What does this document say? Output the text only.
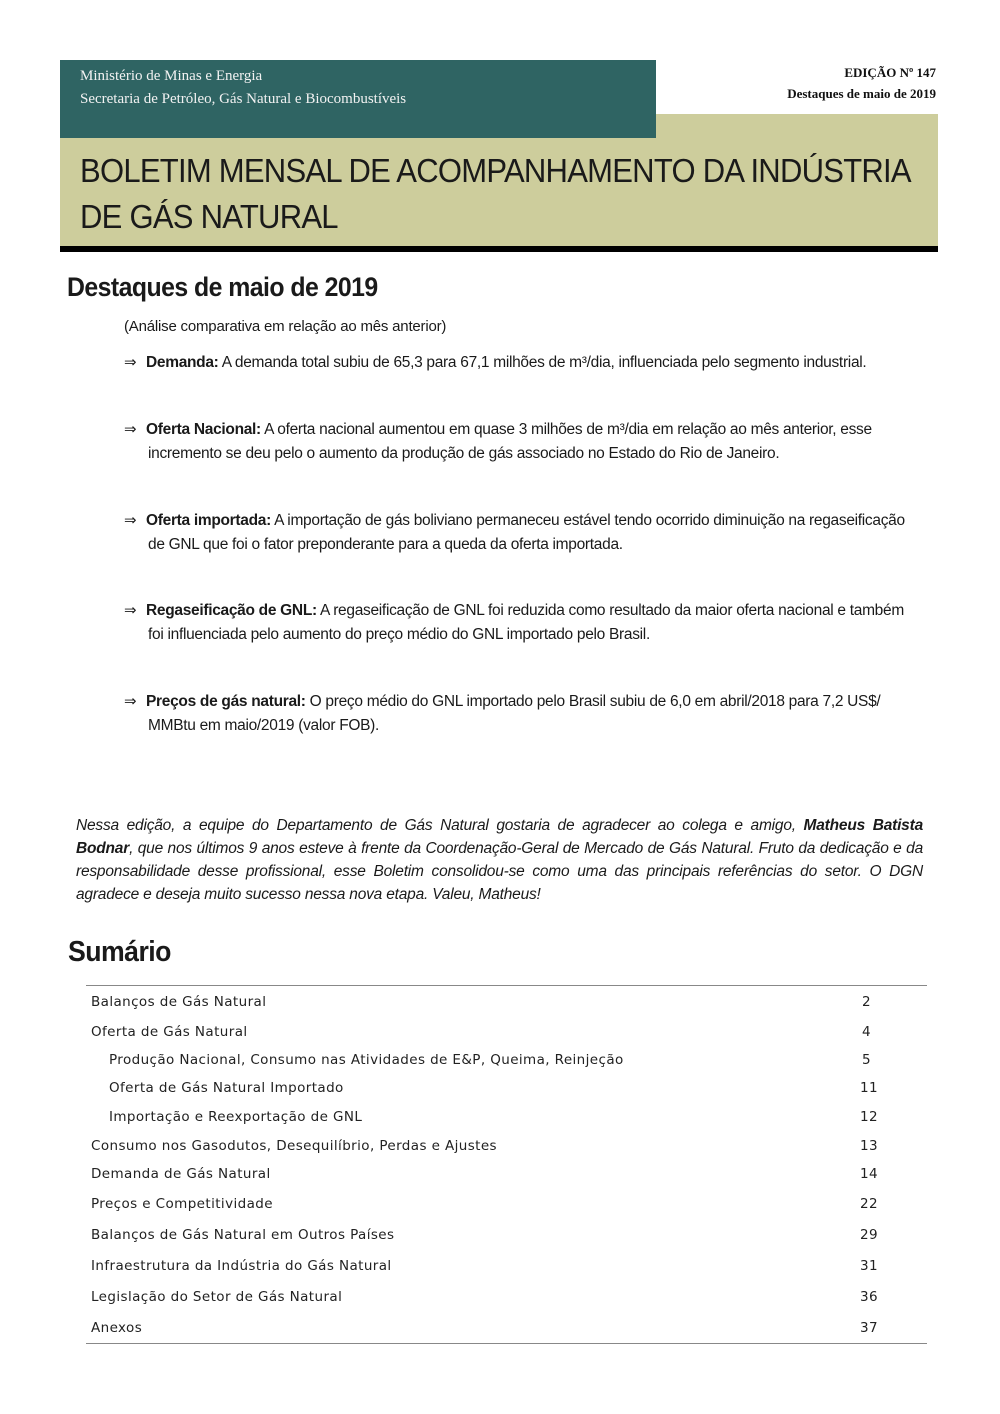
Ministério de Minas e Energia
Secretaria de Petróleo, Gás Natural e Biocombustíveis
EDIÇÃO Nº 147
Destaques de maio de 2019
BOLETIM MENSAL DE ACOMPANHAMENTO DA INDÚSTRIA
DE GÁS NATURAL
Destaques de maio de 2019
(Análise comparativa em relação ao mês anterior)
⇒ Demanda: A demanda total subiu de 65,3 para 67,1 milhões de m³/dia, influenciada pelo segmento industrial.
⇒ Oferta Nacional: A oferta nacional aumentou em quase 3 milhões de m³/dia em relação ao mês anterior, esse
incremento se deu pelo o aumento da produção de gás associado no Estado do Rio de Janeiro.
⇒ Oferta importada: A importação de gás boliviano permaneceu estável tendo ocorrido diminuição na regaseificação
de GNL que foi o fator preponderante para a queda da oferta importada.
⇒ Regaseificação de GNL: A regaseificação de GNL foi reduzida como resultado da maior oferta nacional e também
foi influenciada pelo aumento do preço médio do GNL importado pelo Brasil.
⇒ Preços de gás natural: O preço médio do GNL importado pelo Brasil subiu de 6,0 em abril/2018 para 7,2 US$/
MMBtu em maio/2019 (valor FOB).
Nessa edição, a equipe do Departamento de Gás Natural gostaria de agradecer ao colega e amigo, Matheus Batista Bodnar, que nos últimos 9 anos esteve à frente da Coordenação-Geral de Mercado de Gás Natural. Fruto da dedicação e da responsabilidade desse profissional, esse Boletim consolidou-se como uma das principais referências do setor. O DGN agradece e deseja muito sucesso nessa nova etapa. Valeu, Matheus!
Sumário
Balanços de Gás Natural	2
Oferta de Gás Natural	4
Produção Nacional, Consumo nas Atividades de E&P, Queima, Reinjeção	5
Oferta de Gás Natural Importado	11
Importação e Reexportação de GNL	12
Consumo nos Gasodutos, Desequilíbrio, Perdas e Ajustes	13
Demanda de Gás Natural	14
Preços e Competitividade	22
Balanços de Gás Natural em Outros Países	29
Infraestrutura da Indústria do Gás Natural	31
Legislação do Setor de Gás Natural	36
Anexos	37
